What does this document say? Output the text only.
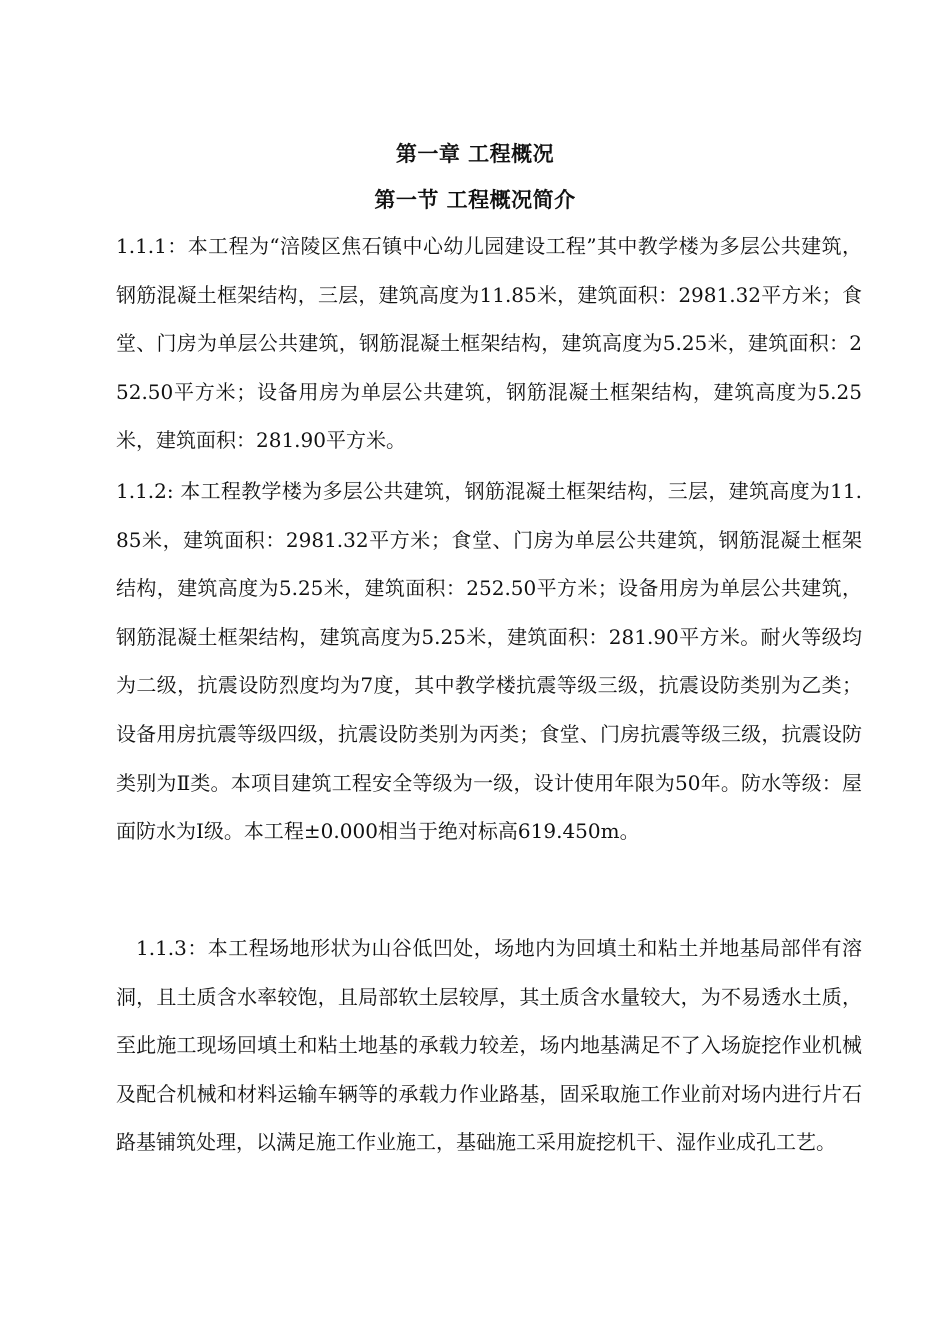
第一章 工程概况
第一节 工程概况简介

1.1.1：本工程为“涪陵区焦石镇中心幼儿园建设工程”其中教学楼为多层公共建筑，钢筋混凝土框架结构，三层，建筑高度为11.85米，建筑面积：2981.32平方米；食堂、门房为单层公共建筑，钢筋混凝土框架结构，建筑高度为5.25米，建筑面积：252.50平方米；设备用房为单层公共建筑，钢筋混凝土框架结构，建筑高度为5.25米，建筑面积：281.90平方米。

1.1.2: 本工程教学楼为多层公共建筑，钢筋混凝土框架结构，三层，建筑高度为11.85米，建筑面积：2981.32平方米；食堂、门房为单层公共建筑，钢筋混凝土框架结构，建筑高度为5.25米，建筑面积：252.50平方米；设备用房为单层公共建筑，钢筋混凝土框架结构，建筑高度为5.25米，建筑面积：281.90平方米。耐火等级均为二级，抗震设防烈度均为7度，其中教学楼抗震等级三级，抗震设防类别为乙类；设备用房抗震等级四级，抗震设防类别为丙类；食堂、门房抗震等级三级，抗震设防类别为Ⅱ类。本项目建筑工程安全等级为一级，设计使用年限为50年。防水等级：屋面防水为Ⅰ级。本工程±0.000相当于绝对标高619.450m。

1.1.3：本工程场地形状为山谷低凹处，场地内为回填土和粘土并地基局部伴有溶洞，且土质含水率较饱，且局部软土层较厚，其土质含水量较大，为不易透水土质，至此施工现场回填土和粘土地基的承载力较差，场内地基满足不了入场旋挖作业机械及配合机械和材料运输车辆等的承载力作业路基，固采取施工作业前对场内进行片石路基铺筑处理，以满足施工作业施工，基础施工采用旋挖机干、湿作业成孔工艺。
